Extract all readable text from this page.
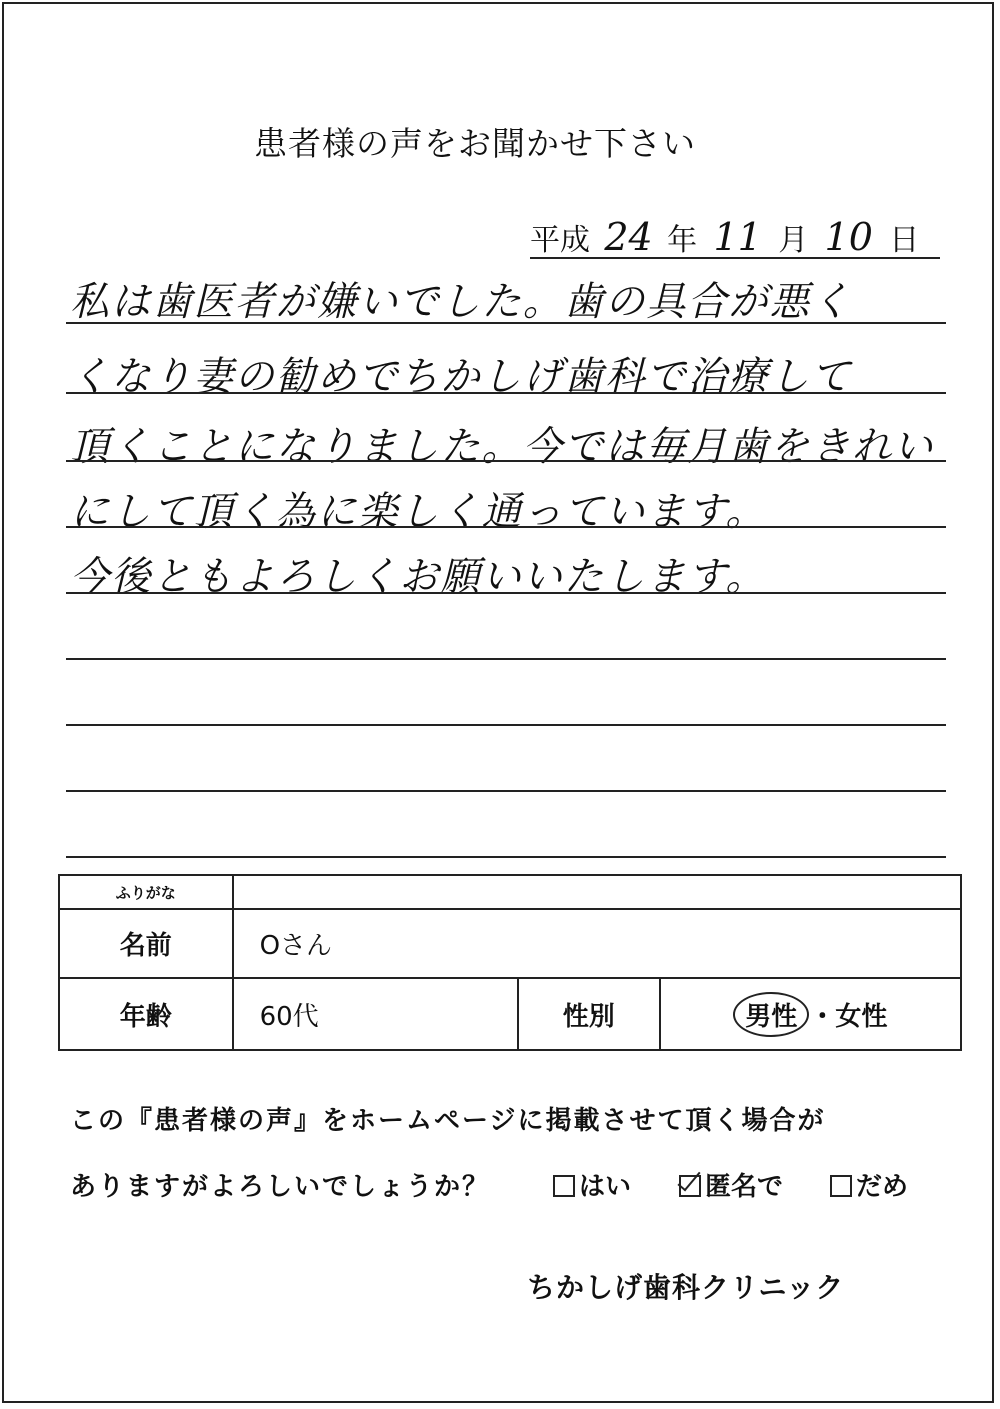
患者様の声をお聞かせ下さい
平成 24 年 11 月 10 日
私は歯医者が嫌いでした。歯の具合が悪く
くなり妻の勧めでちかしげ歯科で治療して
頂くことになりました。今では毎月歯をきれい
にして頂く為に楽しく通っています。
今後ともよろしくお願いいたします。
ふりがな			
名前	Oさん		
年齢	60代	性別	男性 ・女性
この『患者様の声』をホームページに掲載させて頂く場合が
ありますがよろしいでしょうか？	はい	匿名で	だめ
ちかしげ歯科クリニック
